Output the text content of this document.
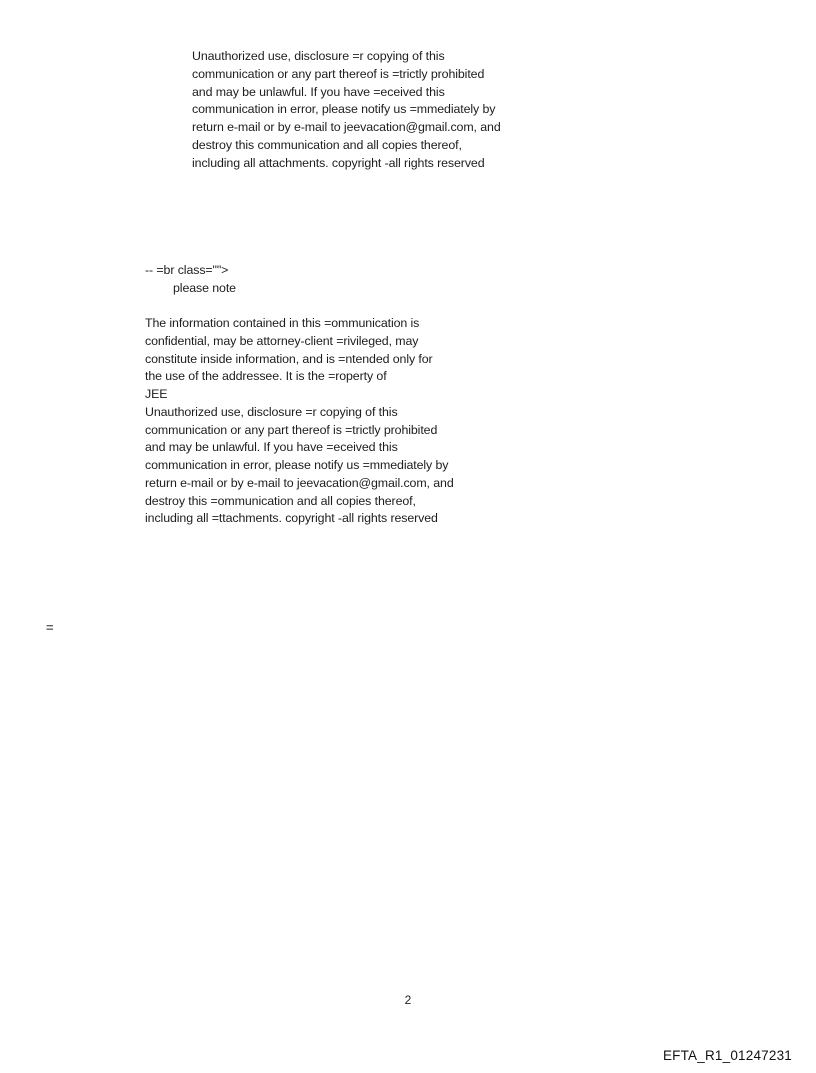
Unauthorized use, disclosure =r copying of this
communication or any part thereof is =trictly prohibited
and may be unlawful. If you have =eceived this
communication in error, please notify us =mmediately by
return e-mail or by e-mail to jeevacation@gmail.com, and
destroy this communication and all copies thereof,
including all attachments. copyright -all rights reserved
-- =br class="">
please note
The information contained in this =ommunication is
confidential, may be attorney-client =rivileged, may
constitute inside information, and is =ntended only for
the use of the addressee. It is the =roperty of
JEE
Unauthorized use, disclosure =r copying of this
communication or any part thereof is =trictly prohibited
and may be unlawful. If you have =eceived this
communication in error, please notify us =mmediately by
return e-mail or by e-mail to jeevacation@gmail.com, and
destroy this =ommunication and all copies thereof,
including all =ttachments. copyright -all rights reserved
=
2
EFTA_R1_01247231
